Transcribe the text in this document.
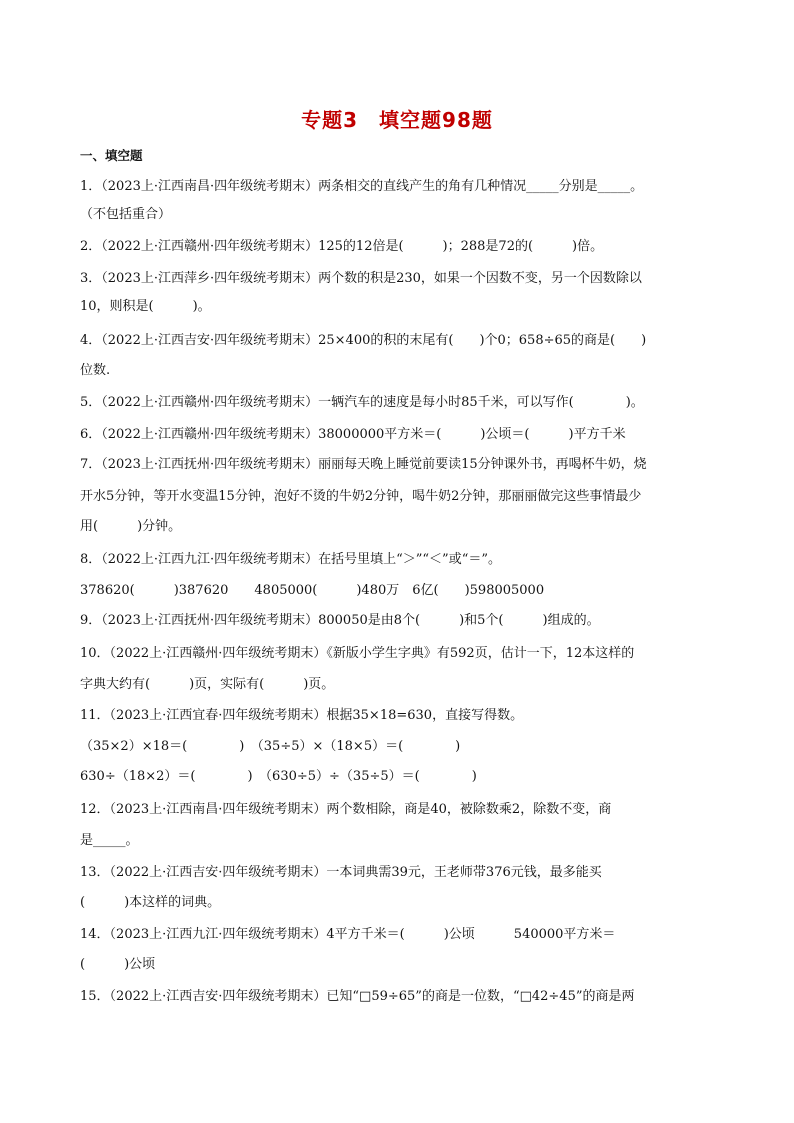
专题3　填空题98题
一、填空题
1．（2023上·江西南昌·四年级统考期末）两条相交的直线产生的角有几种情况_____分别是_____。
（不包括重合）
2．（2022上·江西赣州·四年级统考期末）125的12倍是(　　　)；288是72的(　　　)倍。
3．（2023上·江西萍乡·四年级统考期末）两个数的积是230，如果一个因数不变，另一个因数除以
10，则积是(　　　)。
4．（2022上·江西吉安·四年级统考期末）25×400的积的末尾有(　　)个0；658÷65的商是(　　)
位数.
5．（2022上·江西赣州·四年级统考期末）一辆汽车的速度是每小时85千米，可以写作(　　　　)。
6．（2022上·江西赣州·四年级统考期末）38000000平方米＝(　　　)公顷＝(　　　)平方千米
7．（2023上·江西抚州·四年级统考期末）丽丽每天晚上睡觉前要读15分钟课外书，再喝杯牛奶，烧
开水5分钟，等开水变温15分钟，泡好不烫的牛奶2分钟，喝牛奶2分钟，那丽丽做完这些事情最少
用(　　　)分钟。
8．（2022上·江西九江·四年级统考期末）在括号里填上“＞”“＜”或“＝”。
378620(　　　)387620　　4805000(　　　)480万　6亿(　　)598005000
9．（2023上·江西抚州·四年级统考期末）800050是由8个(　　　)和5个(　　　)组成的。
10．（2022上·江西赣州·四年级统考期末）《新版小学生字典》有592页，估计一下，12本这样的
字典大约有(　　　)页，实际有(　　　)页。
11．（2023上·江西宜春·四年级统考期末）根据35×18=630，直接写得数。
（35×2）×18＝(　　　　)　（35÷5）×（18×5）＝(　　　　)
630÷（18×2）＝(　　　　)　（630÷5）÷（35÷5）＝(　　　　)
12．（2023上·江西南昌·四年级统考期末）两个数相除，商是40，被除数乘2，除数不变，商
是_____。
13．（2022上·江西吉安·四年级统考期末）一本词典需39元，王老师带376元钱，最多能买
(　　　)本这样的词典。
14．（2023上·江西九江·四年级统考期末）4平方千米＝(　　　)公顷　　　540000平方米＝
(　　　)公顷
15．（2022上·江西吉安·四年级统考期末）已知“□59÷65”的商是一位数，“□42÷45”的商是两
